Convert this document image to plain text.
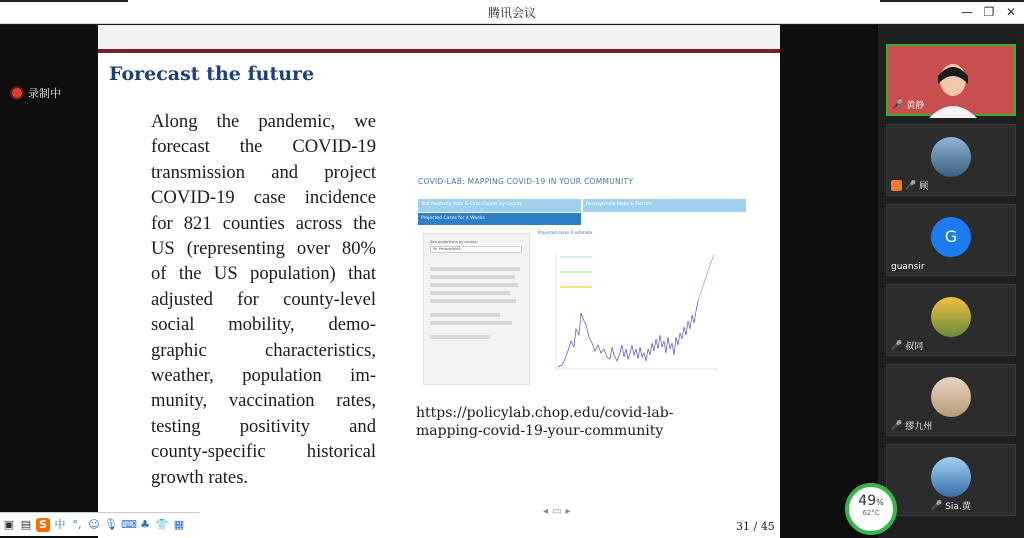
腾讯会议	— ❐ ✕
录制中
Forecast the future

Along the pandemic, we

forecast the COVID-19

transmission and project

COVID-19 case incidence

for 821 counties across the

US (representing over 80%

of the US population) that

adjusted for county-level

social mobility, demo-

graphic characteristics,

weather, population im-

munity, vaccination rates,

testing positivity and

county-specific historical

growth rates.

COVID-LAB: MAPPING COVID-19 IN YOUR COMMUNITY
Test Positivity Rate & Case Counts by County	Pennsylvania Maps & Metrics
Projected Cases for 4 Weeks
See projections by county:
PA-Philadelphia
Projected cases R estimate
https://policylab.chop.edu/covid-lab-
mapping-covid-19-your-community
◂▭▸
31 / 45
🎤 黄静
🎤 顾
G
guansir
🎤 叔同
🎤 缪九州
🎤 Sia.黄
49%
62°C
▣ ▤ S 中 °, ☺ 🎙 ⌨ ♣ 👕 ▦
